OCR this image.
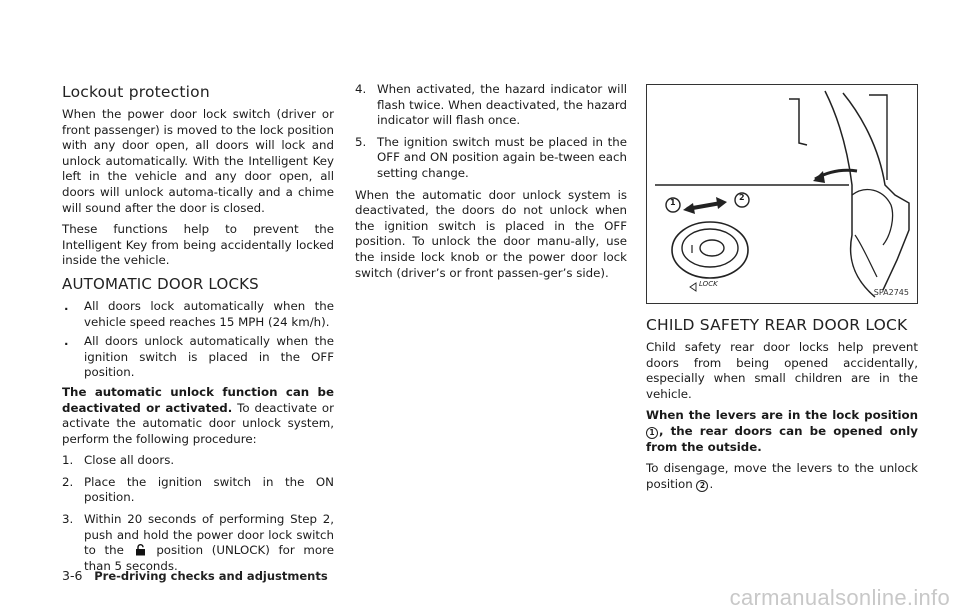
Lockout protection

When the power door lock switch (driver or front passenger) is moved to the lock position with any door open, all doors will lock and unlock automatically. With the Intelligent Key left in the vehicle and any door open, all doors will unlock automa-tically and a chime will sound after the door is closed.

These functions help to prevent the Intelligent Key from being accidentally locked inside the vehicle.

AUTOMATIC DOOR LOCKS
. All doors lock automatically when the vehicle speed reaches 15 MPH (24 km/h).
. All doors unlock automatically when the ignition switch is placed in the OFF position.

The automatic unlock function can be deactivated or activated. To deactivate or activate the automatic door unlock system, perform the following procedure:

1. Close all doors.
2. Place the ignition switch in the ON position.
3. Within 20 seconds of performing Step 2, push and hold the power door lock switch to the	position (UNLOCK) for more than 5 seconds.
4. When activated, the hazard indicator will flash twice. When deactivated, the hazard indicator will flash once.
5. The ignition switch must be placed in the OFF and ON position again be-tween each setting change.

When the automatic door unlock system is deactivated, the doors do not unlock when the ignition switch is placed in the OFF position. To unlock the door manu-ally, use the inside lock knob or the power door lock switch (driver’s or front passen-ger’s side).

1
2
LOCK
SPA2745
CHILD SAFETY REAR DOOR LOCK

Child safety rear door locks help prevent doors from being opened accidentally, especially when small children are in the vehicle.

When the levers are in the lock position1 , the rear doors can be opened only from the outside.

To disengage, move the levers to the unlock position 2 .

3-6 Pre-driving checks and adjustments
carmanualsonline.info
